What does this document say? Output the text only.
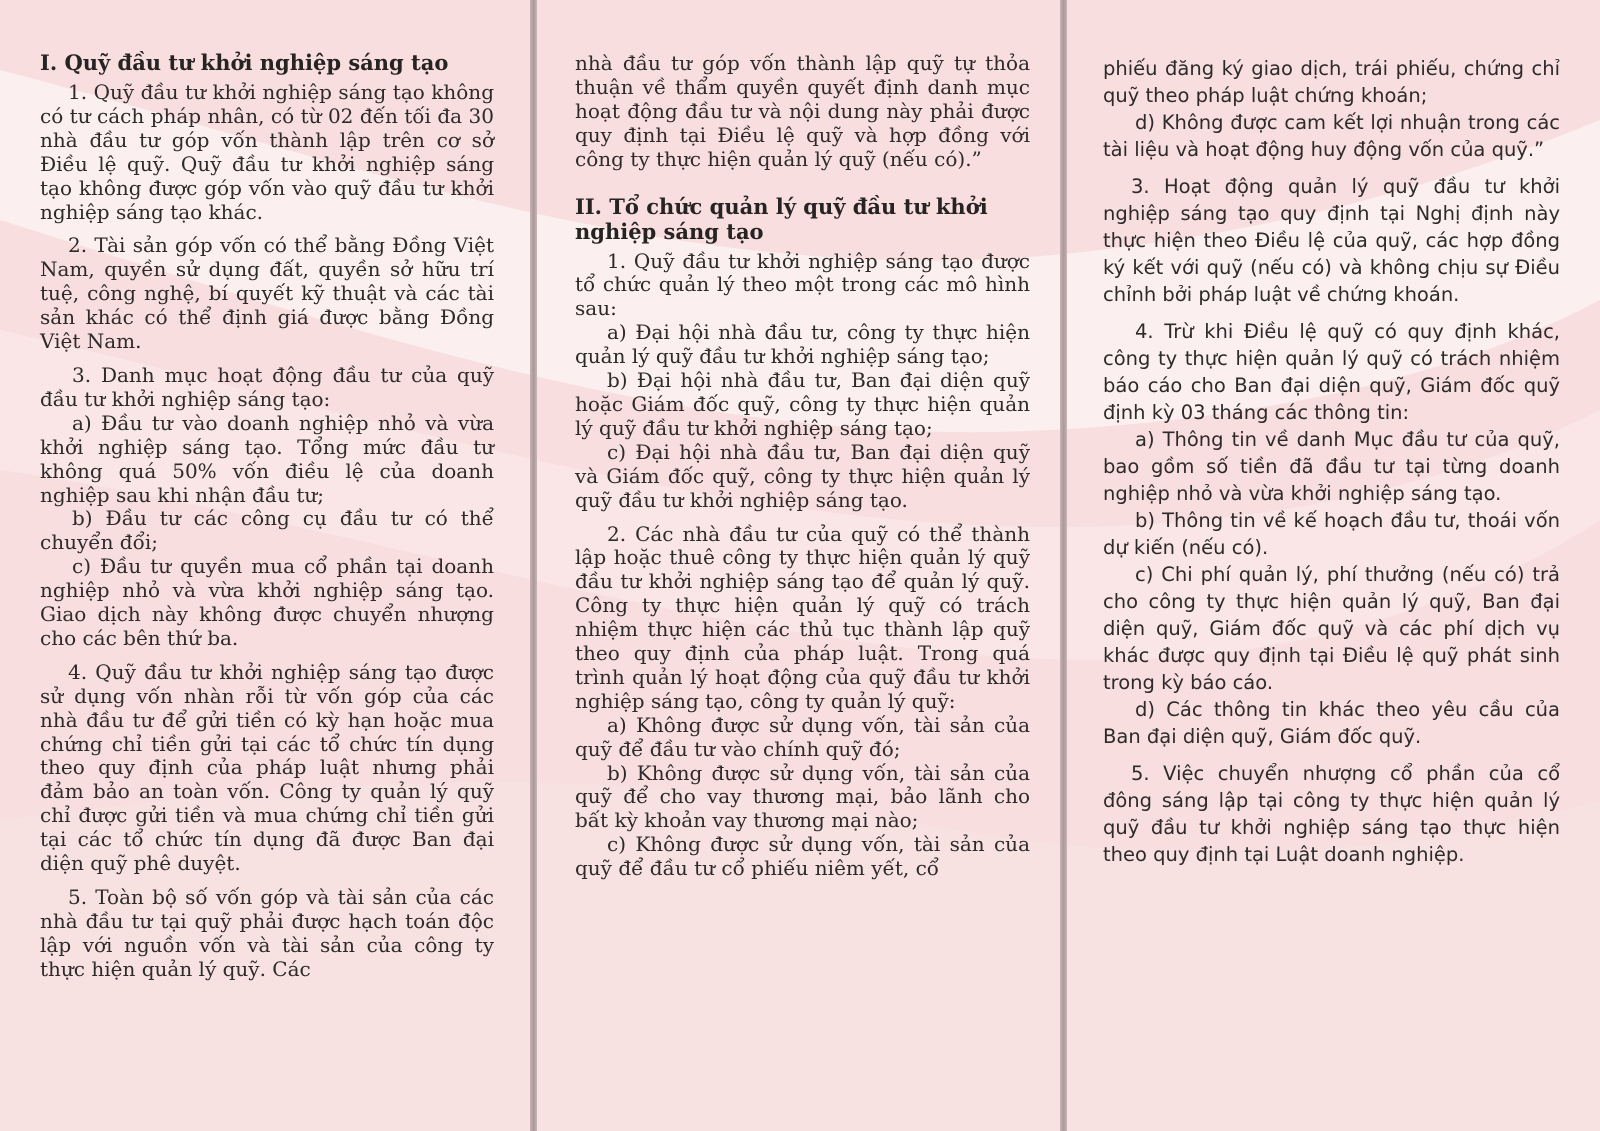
I. Quỹ đầu tư khởi nghiệp sáng tạo

1. Quỹ đầu tư khởi nghiệp sáng tạo không có tư cách pháp nhân, có từ 02 đến tối đa 30 nhà đầu tư góp vốn thành lập trên cơ sở Điều lệ quỹ. Quỹ đầu tư khởi nghiệp sáng tạo không được góp vốn vào quỹ đầu tư khởi nghiệp sáng tạo khác.

2. Tài sản góp vốn có thể bằng Đồng Việt Nam, quyền sử dụng đất, quyền sở hữu trí tuệ, công nghệ, bí quyết kỹ thuật và các tài sản khác có thể định giá được bằng Đồng Việt Nam.

3. Danh mục hoạt động đầu tư của quỹ đầu tư khởi nghiệp sáng tạo:

a) Đầu tư vào doanh nghiệp nhỏ và vừa khởi nghiệp sáng tạo. Tổng mức đầu tư không quá 50% vốn điều lệ của doanh nghiệp sau khi nhận đầu tư;

b) Đầu tư các công cụ đầu tư có thể chuyển đổi;

c) Đầu tư quyền mua cổ phần tại doanh nghiệp nhỏ và vừa khởi nghiệp sáng tạo. Giao dịch này không được chuyển nhượng cho các bên thứ ba.

4. Quỹ đầu tư khởi nghiệp sáng tạo được sử dụng vốn nhàn rỗi từ vốn góp của các nhà đầu tư để gửi tiền có kỳ hạn hoặc mua chứng chỉ tiền gửi tại các tổ chức tín dụng theo quy định của pháp luật nhưng phải đảm bảo an toàn vốn. Công ty quản lý quỹ chỉ được gửi tiền và mua chứng chỉ tiền gửi tại các tổ chức tín dụng đã được Ban đại diện quỹ phê duyệt.

5. Toàn bộ số vốn góp và tài sản của các nhà đầu tư tại quỹ phải được hạch toán độc lập với nguồn vốn và tài sản của công ty thực hiện quản lý quỹ. Các

nhà đầu tư góp vốn thành lập quỹ tự thỏa thuận về thẩm quyền quyết định danh mục hoạt động đầu tư và nội dung này phải được quy định tại Điều lệ quỹ và hợp đồng với công ty thực hiện quản lý quỹ (nếu có).”

II. Tổ chức quản lý quỹ đầu tư khởi nghiệp sáng tạo

1. Quỹ đầu tư khởi nghiệp sáng tạo được tổ chức quản lý theo một trong các mô hình sau:

a) Đại hội nhà đầu tư, công ty thực hiện quản lý quỹ đầu tư khởi nghiệp sáng tạo;

b) Đại hội nhà đầu tư, Ban đại diện quỹ hoặc Giám đốc quỹ, công ty thực hiện quản lý quỹ đầu tư khởi nghiệp sáng tạo;

c) Đại hội nhà đầu tư, Ban đại diện quỹ và Giám đốc quỹ, công ty thực hiện quản lý quỹ đầu tư khởi nghiệp sáng tạo.

2. Các nhà đầu tư của quỹ có thể thành lập hoặc thuê công ty thực hiện quản lý quỹ đầu tư khởi nghiệp sáng tạo để quản lý quỹ. Công ty thực hiện quản lý quỹ có trách nhiệm thực hiện các thủ tục thành lập quỹ theo quy định của pháp luật. Trong quá trình quản lý hoạt động của quỹ đầu tư khởi nghiệp sáng tạo, công ty quản lý quỹ:

a) Không được sử dụng vốn, tài sản của quỹ để đầu tư vào chính quỹ đó;

b) Không được sử dụng vốn, tài sản của quỹ để cho vay thương mại, bảo lãnh cho bất kỳ khoản vay thương mại nào;

c) Không được sử dụng vốn, tài sản của quỹ để đầu tư cổ phiếu niêm yết, cổ

phiếu đăng ký giao dịch, trái phiếu, chứng chỉ quỹ theo pháp luật chứng khoán;

d) Không được cam kết lợi nhuận trong các tài liệu và hoạt động huy động vốn của quỹ.”

3. Hoạt động quản lý quỹ đầu tư khởi nghiệp sáng tạo quy định tại Nghị định này thực hiện theo Điều lệ của quỹ, các hợp đồng ký kết với quỹ (nếu có) và không chịu sự Điều chỉnh bởi pháp luật về chứng khoán.

4. Trừ khi Điều lệ quỹ có quy định khác, công ty thực hiện quản lý quỹ có trách nhiệm báo cáo cho Ban đại diện quỹ, Giám đốc quỹ định kỳ 03 tháng các thông tin:

a) Thông tin về danh Mục đầu tư của quỹ, bao gồm số tiền đã đầu tư tại từng doanh nghiệp nhỏ và vừa khởi nghiệp sáng tạo.

b) Thông tin về kế hoạch đầu tư, thoái vốn dự kiến (nếu có).

c) Chi phí quản lý, phí thưởng (nếu có) trả cho công ty thực hiện quản lý quỹ, Ban đại diện quỹ, Giám đốc quỹ và các phí dịch vụ khác được quy định tại Điều lệ quỹ phát sinh trong kỳ báo cáo.

d) Các thông tin khác theo yêu cầu của Ban đại diện quỹ, Giám đốc quỹ.

5. Việc chuyển nhượng cổ phần của cổ đông sáng lập tại công ty thực hiện quản lý quỹ đầu tư khởi nghiệp sáng tạo thực hiện theo quy định tại Luật doanh nghiệp.
